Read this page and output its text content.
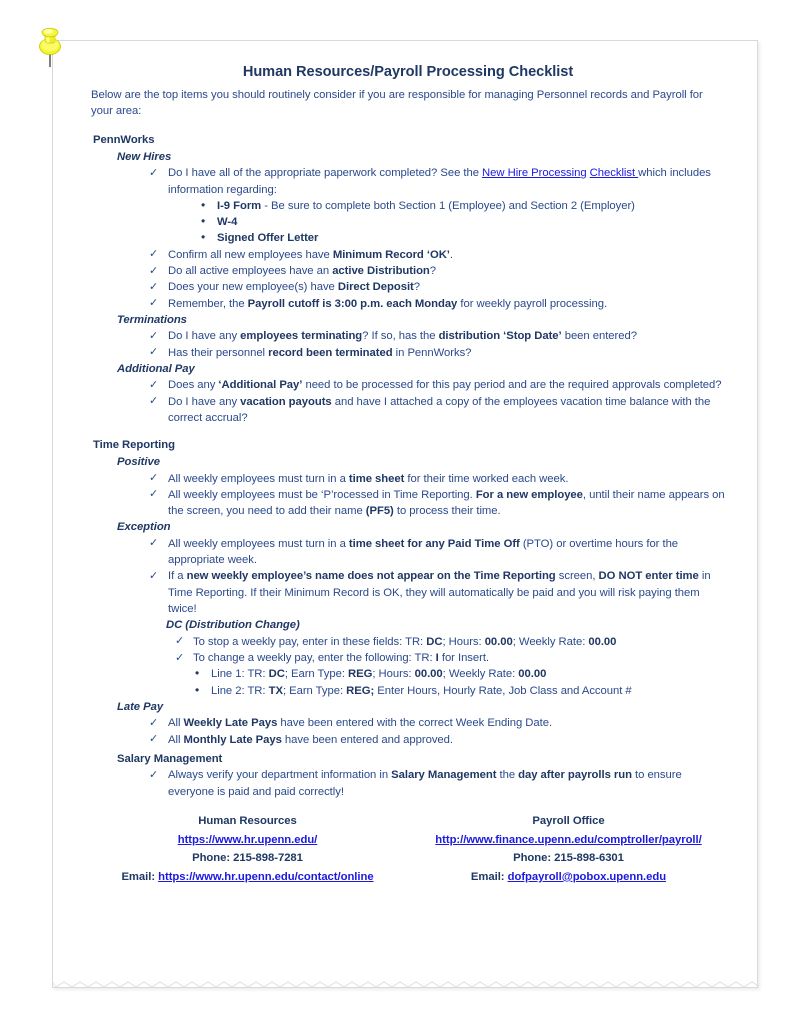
Human Resources/Payroll Processing Checklist

Below are the top items you should routinely consider if you are responsible for managing Personnel records and Payroll for your area:

PennWorks
New Hires
✓ Do I have all of the appropriate paperwork completed? See the New Hire Processing Checklist which includes information regarding:
• I-9 Form - Be sure to complete both Section 1 (Employee) and Section 2 (Employer)
• W-4
• Signed Offer Letter
✓ Confirm all new employees have Minimum Record ‘OK’.
✓ Do all active employees have an active Distribution?
✓ Does your new employee(s) have Direct Deposit?
✓ Remember, the Payroll cutoff is 3:00 p.m. each Monday for weekly payroll processing.
Terminations
✓ Do I have any employees terminating? If so, has the distribution ‘Stop Date’ been entered?
✓ Has their personnel record been terminated in PennWorks?
Additional Pay
✓ Does any ‘Additional Pay’ need to be processed for this pay period and are the required approvals completed?
✓ Do I have any vacation payouts and have I attached a copy of the employees vacation time balance with the correct accrual?
Time Reporting
Positive
✓ All weekly employees must turn in a time sheet for their time worked each week.
✓ All weekly employees must be ‘P’rocessed in Time Reporting. For a new employee, until their name appears on the screen, you need to add their name (PF5) to process their time.
Exception
✓ All weekly employees must turn in a time sheet for any Paid Time Off (PTO) or overtime hours for the appropriate week.
✓ If a new weekly employee’s name does not appear on the Time Reporting screen, DO NOT enter time in Time Reporting. If their Minimum Record is OK, they will automatically be paid and you will risk paying them twice!
DC (Distribution Change)
✓ To stop a weekly pay, enter in these fields: TR: DC; Hours: 00.00; Weekly Rate: 00.00
✓ To change a weekly pay, enter the following: TR: I for Insert.
• Line 1: TR: DC; Earn Type: REG; Hours: 00.00; Weekly Rate: 00.00
• Line 2: TR: TX; Earn Type: REG; Enter Hours, Hourly Rate, Job Class and Account #
Late Pay
✓ All Weekly Late Pays have been entered with the correct Week Ending Date.
✓ All Monthly Late Pays have been entered and approved.
Salary Management
✓ Always verify your department information in Salary Management the day after payrolls run to ensure everyone is paid and paid correctly!
Human Resources
https://www.hr.upenn.edu/
Phone: 215-898-7281
Email: https://www.hr.upenn.edu/contact/online
Payroll Office
http://www.finance.upenn.edu/comptroller/payroll/
Phone: 215-898-6301
Email: dofpayroll@pobox.upenn.edu
